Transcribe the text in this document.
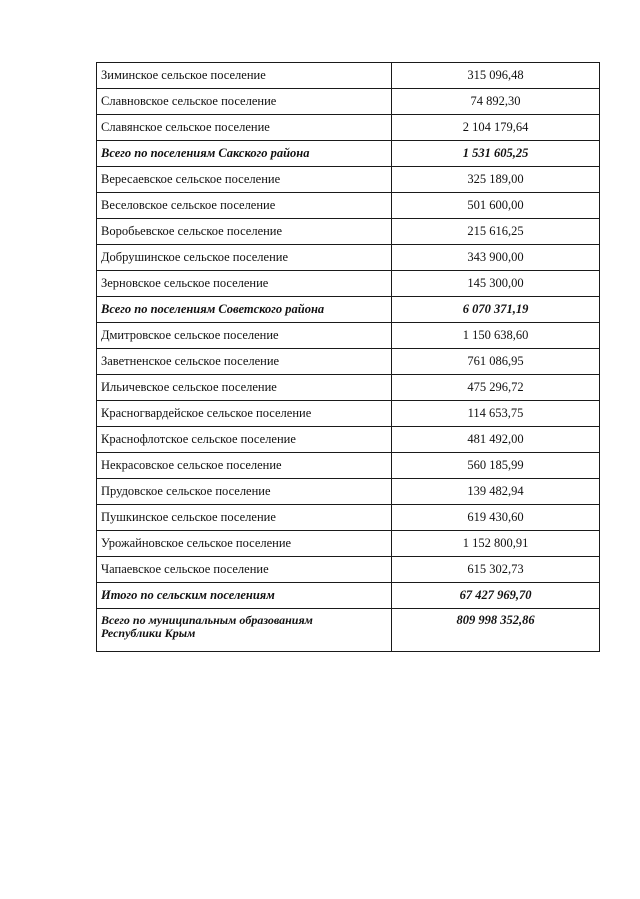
Зиминское сельское поселение	315 096,48
Славновское сельское поселение	74 892,30
Славянское сельское поселение	2 104 179,64
Всего по поселениям Сакского района	1 531 605,25
Вересаевское сельское поселение	325 189,00
Веселовское сельское поселение	501 600,00
Воробьевское сельское поселение	215 616,25
Добрушинское сельское поселение	343 900,00
Зерновское сельское поселение	145 300,00
Всего по поселениям Советского района	6 070 371,19
Дмитровское сельское поселение	1 150 638,60
Заветненское сельское поселение	761 086,95
Ильичевское сельское поселение	475 296,72
Красногвардейское сельское поселение	114 653,75
Краснофлотское сельское поселение	481 492,00
Некрасовское сельское поселение	560 185,99
Прудовское сельское поселение	139 482,94
Пушкинское сельское поселение	619 430,60
Урожайновское сельское поселение	1 152 800,91
Чапаевское сельское поселение	615 302,73
Итого по сельским поселениям	67 427 969,70
Всего по муниципальным образованиям
Республики Крым	809 998 352,86
